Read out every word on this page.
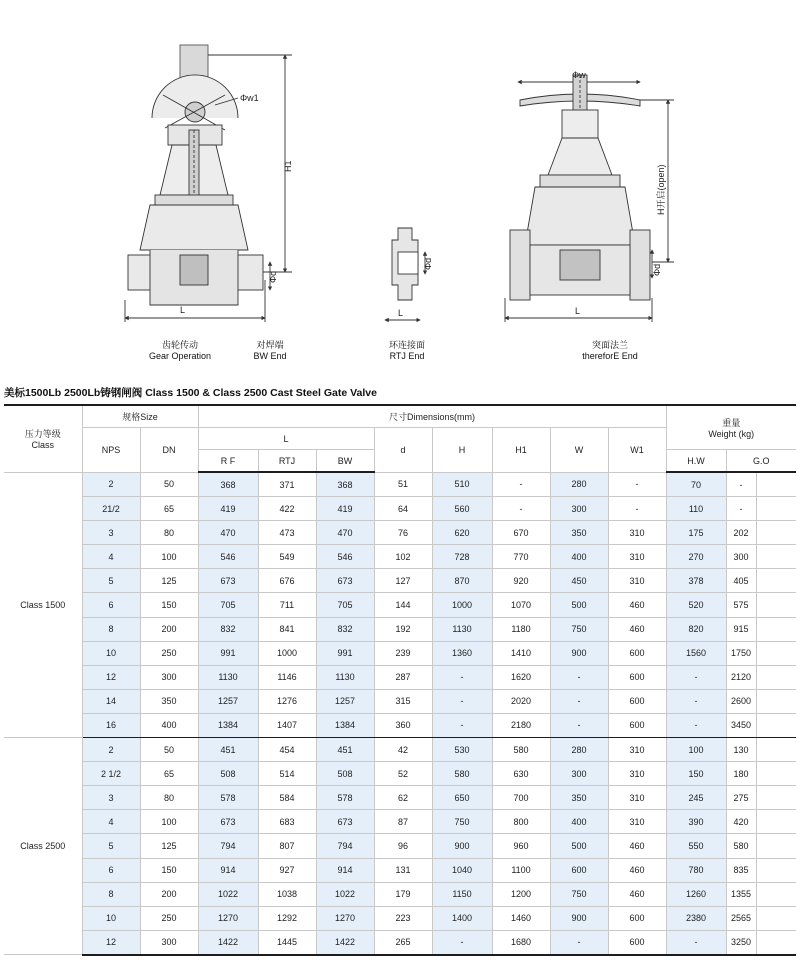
Φw1
H1
Φd
L
Φd
L
Φw
H开启(open)
Φd
L
齿轮传动
Gear Operation
对焊端
BW End
环连接面
RTJ End
突面法兰
thereforE End
美标1500Lb 2500Lb铸钢闸阀 Class 1500 & Class 2500 Cast Steel Gate Valve
压力等级
Class	规格Size		尺寸Dimensions(mm)								重量
Weight (kg)		
	NPS	DN	L			d	H	H1	W	W1			
			R F	RTJ	BW						H.W	G.O	
Class 1500	2	50	368	371	368	51	510	-	280	-	70	-	
	21/2	65	419	422	419	64	560	-	300	-	110	-	
	3	80	470	473	470	76	620	670	350	310	175	202	
	4	100	546	549	546	102	728	770	400	310	270	300	
	5	125	673	676	673	127	870	920	450	310	378	405	
	6	150	705	711	705	144	1000	1070	500	460	520	575	
	8	200	832	841	832	192	1130	1180	750	460	820	915	
	10	250	991	1000	991	239	1360	1410	900	600	1560	1750	
	12	300	1130	1146	1130	287	-	1620	-	600	-	2120	
	14	350	1257	1276	1257	315	-	2020	-	600	-	2600	
	16	400	1384	1407	1384	360	-	2180	-	600	-	3450	
Class 2500	2	50	451	454	451	42	530	580	280	310	100	130	
	2 1/2	65	508	514	508	52	580	630	300	310	150	180	
	3	80	578	584	578	62	650	700	350	310	245	275	
	4	100	673	683	673	87	750	800	400	310	390	420	
	5	125	794	807	794	96	900	960	500	460	550	580	
	6	150	914	927	914	131	1040	1100	600	460	780	835	
	8	200	1022	1038	1022	179	1150	1200	750	460	1260	1355	
	10	250	1270	1292	1270	223	1400	1460	900	600	2380	2565	
	12	300	1422	1445	1422	265	-	1680	-	600	-	3250	
